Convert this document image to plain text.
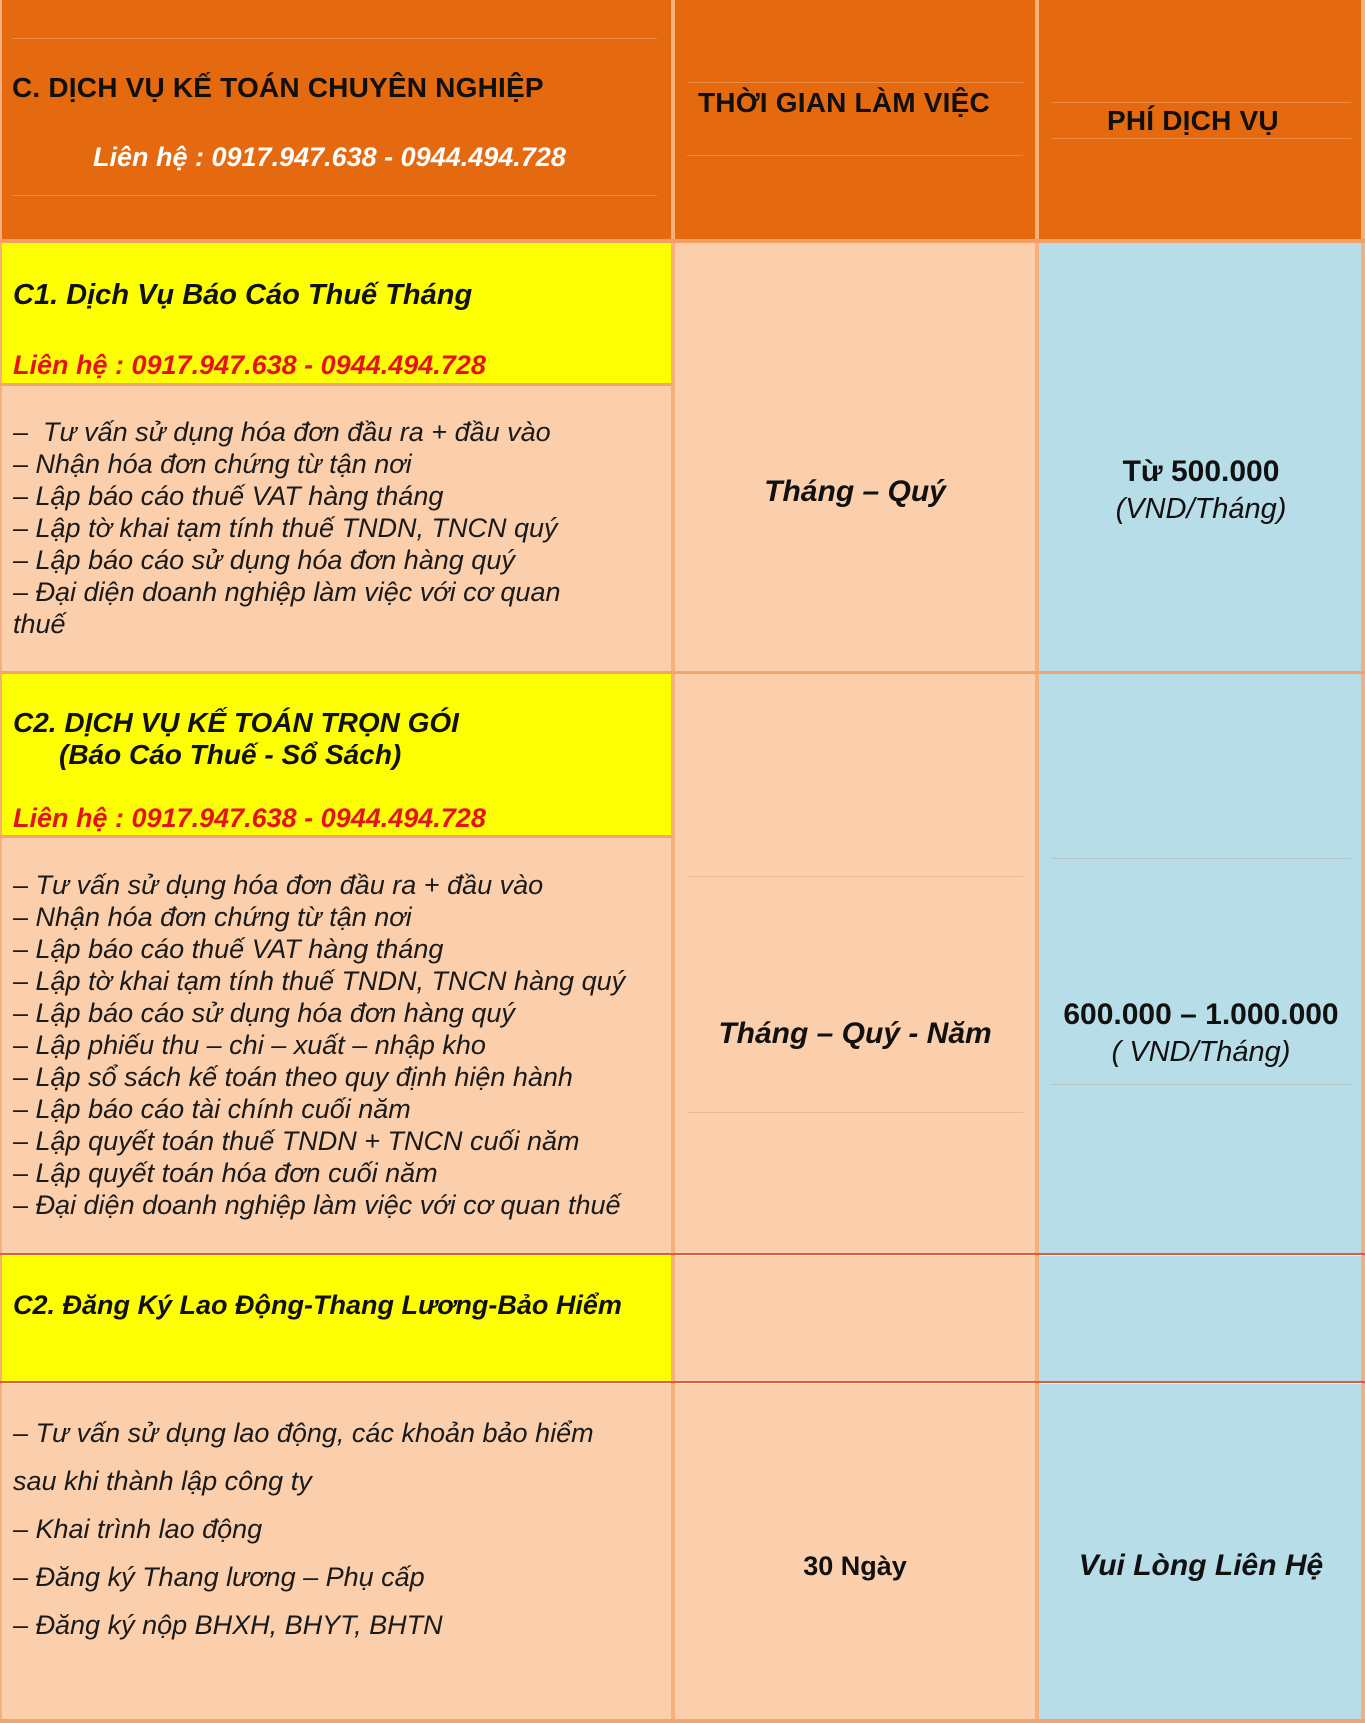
C. DỊCH VỤ KẾ TOÁN CHUYÊN NGHIỆP
Liên hệ : 0917.947.638 - 0944.494.728
THỜI GIAN LÀM VIỆC
PHÍ DỊCH VỤ
C1. Dịch Vụ Báo Cáo Thuế Tháng
Liên hệ : 0917.947.638 - 0944.494.728
–  Tư vấn sử dụng hóa đơn đầu ra + đầu vào
– Nhận hóa đơn chứng từ tận nơi
– Lập báo cáo thuế VAT hàng tháng
– Lập tờ khai tạm tính thuế TNDN, TNCN quý
– Lập báo cáo sử dụng hóa đơn hàng quý
– Đại diện doanh nghiệp làm việc với cơ quan
thuế
Tháng – Quý
Từ 500.000
(VND/Tháng)
C2. DỊCH VỤ KẾ TOÁN TRỌN GÓI
(Báo Cáo Thuế - Sổ Sách)
Liên hệ : 0917.947.638 - 0944.494.728
– Tư vấn sử dụng hóa đơn đầu ra + đầu vào
– Nhận hóa đơn chứng từ tận nơi
– Lập báo cáo thuế VAT hàng tháng
– Lập tờ khai tạm tính thuế TNDN, TNCN hàng quý
– Lập báo cáo sử dụng hóa đơn hàng quý
– Lập phiếu thu – chi – xuất – nhập kho
– Lập sổ sách kế toán theo quy định hiện hành
– Lập báo cáo tài chính cuối năm
– Lập quyết toán thuế TNDN + TNCN cuối năm
– Lập quyết toán hóa đơn cuối năm
– Đại diện doanh nghiệp làm việc với cơ quan thuế
Tháng – Quý - Năm
600.000 – 1.000.000
( VND/Tháng)
C2. Đăng Ký Lao Động-Thang Lương-Bảo Hiểm
– Tư vấn sử dụng lao động, các khoản bảo hiểm
sau khi thành lập công ty
– Khai trình lao động
– Đăng ký Thang lương – Phụ cấp
– Đăng ký nộp BHXH, BHYT, BHTN
30 Ngày	Vui Lòng Liên Hệ
